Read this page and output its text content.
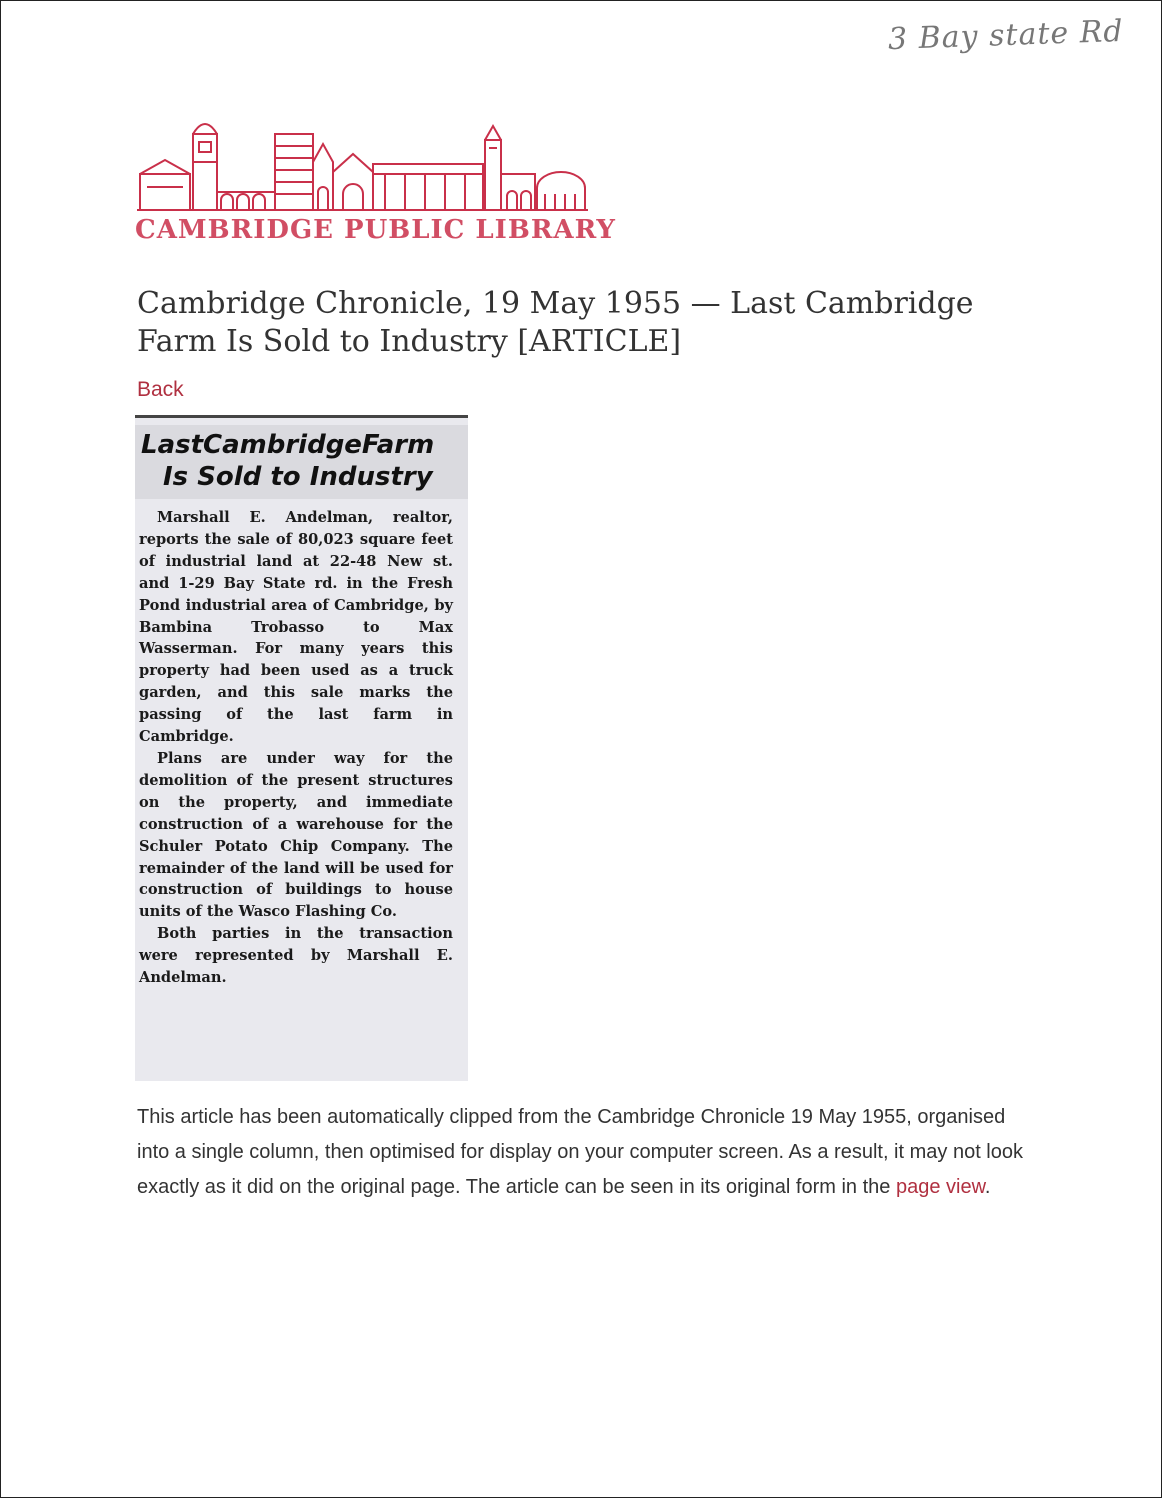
3 Bay state Rd
CAMBRIDGE PUBLIC LIBRARY
Cambridge Chronicle, 19 May 1955 — Last Cambridge Farm Is Sold to Industry [ARTICLE]
Back
LastCambridgeFarm
Is Sold to Industry

Marshall E. Andelman, realtor, reports the sale of 80,023 square feet of industrial land at 22-48 New st. and 1-29 Bay State rd. in the Fresh Pond industrial area of Cambridge, by Bambina Trobasso to Max Wasserman. For many years this property had been used as a truck garden, and this sale marks the passing of the last farm in Cambridge.

Plans are under way for the demolition of the present structures on the property, and immediate construction of a warehouse for the Schuler Potato Chip Company. The remainder of the land will be used for construction of buildings to house units of the Wasco Flashing Co.

Both parties in the transaction were represented by Marshall E. Andelman.

This article has been automatically clipped from the Cambridge Chronicle 19 May 1955, organised into a single column, then optimised for display on your computer screen. As a result, it may not look exactly as it did on the original page. The article can be seen in its original form in the page view.
